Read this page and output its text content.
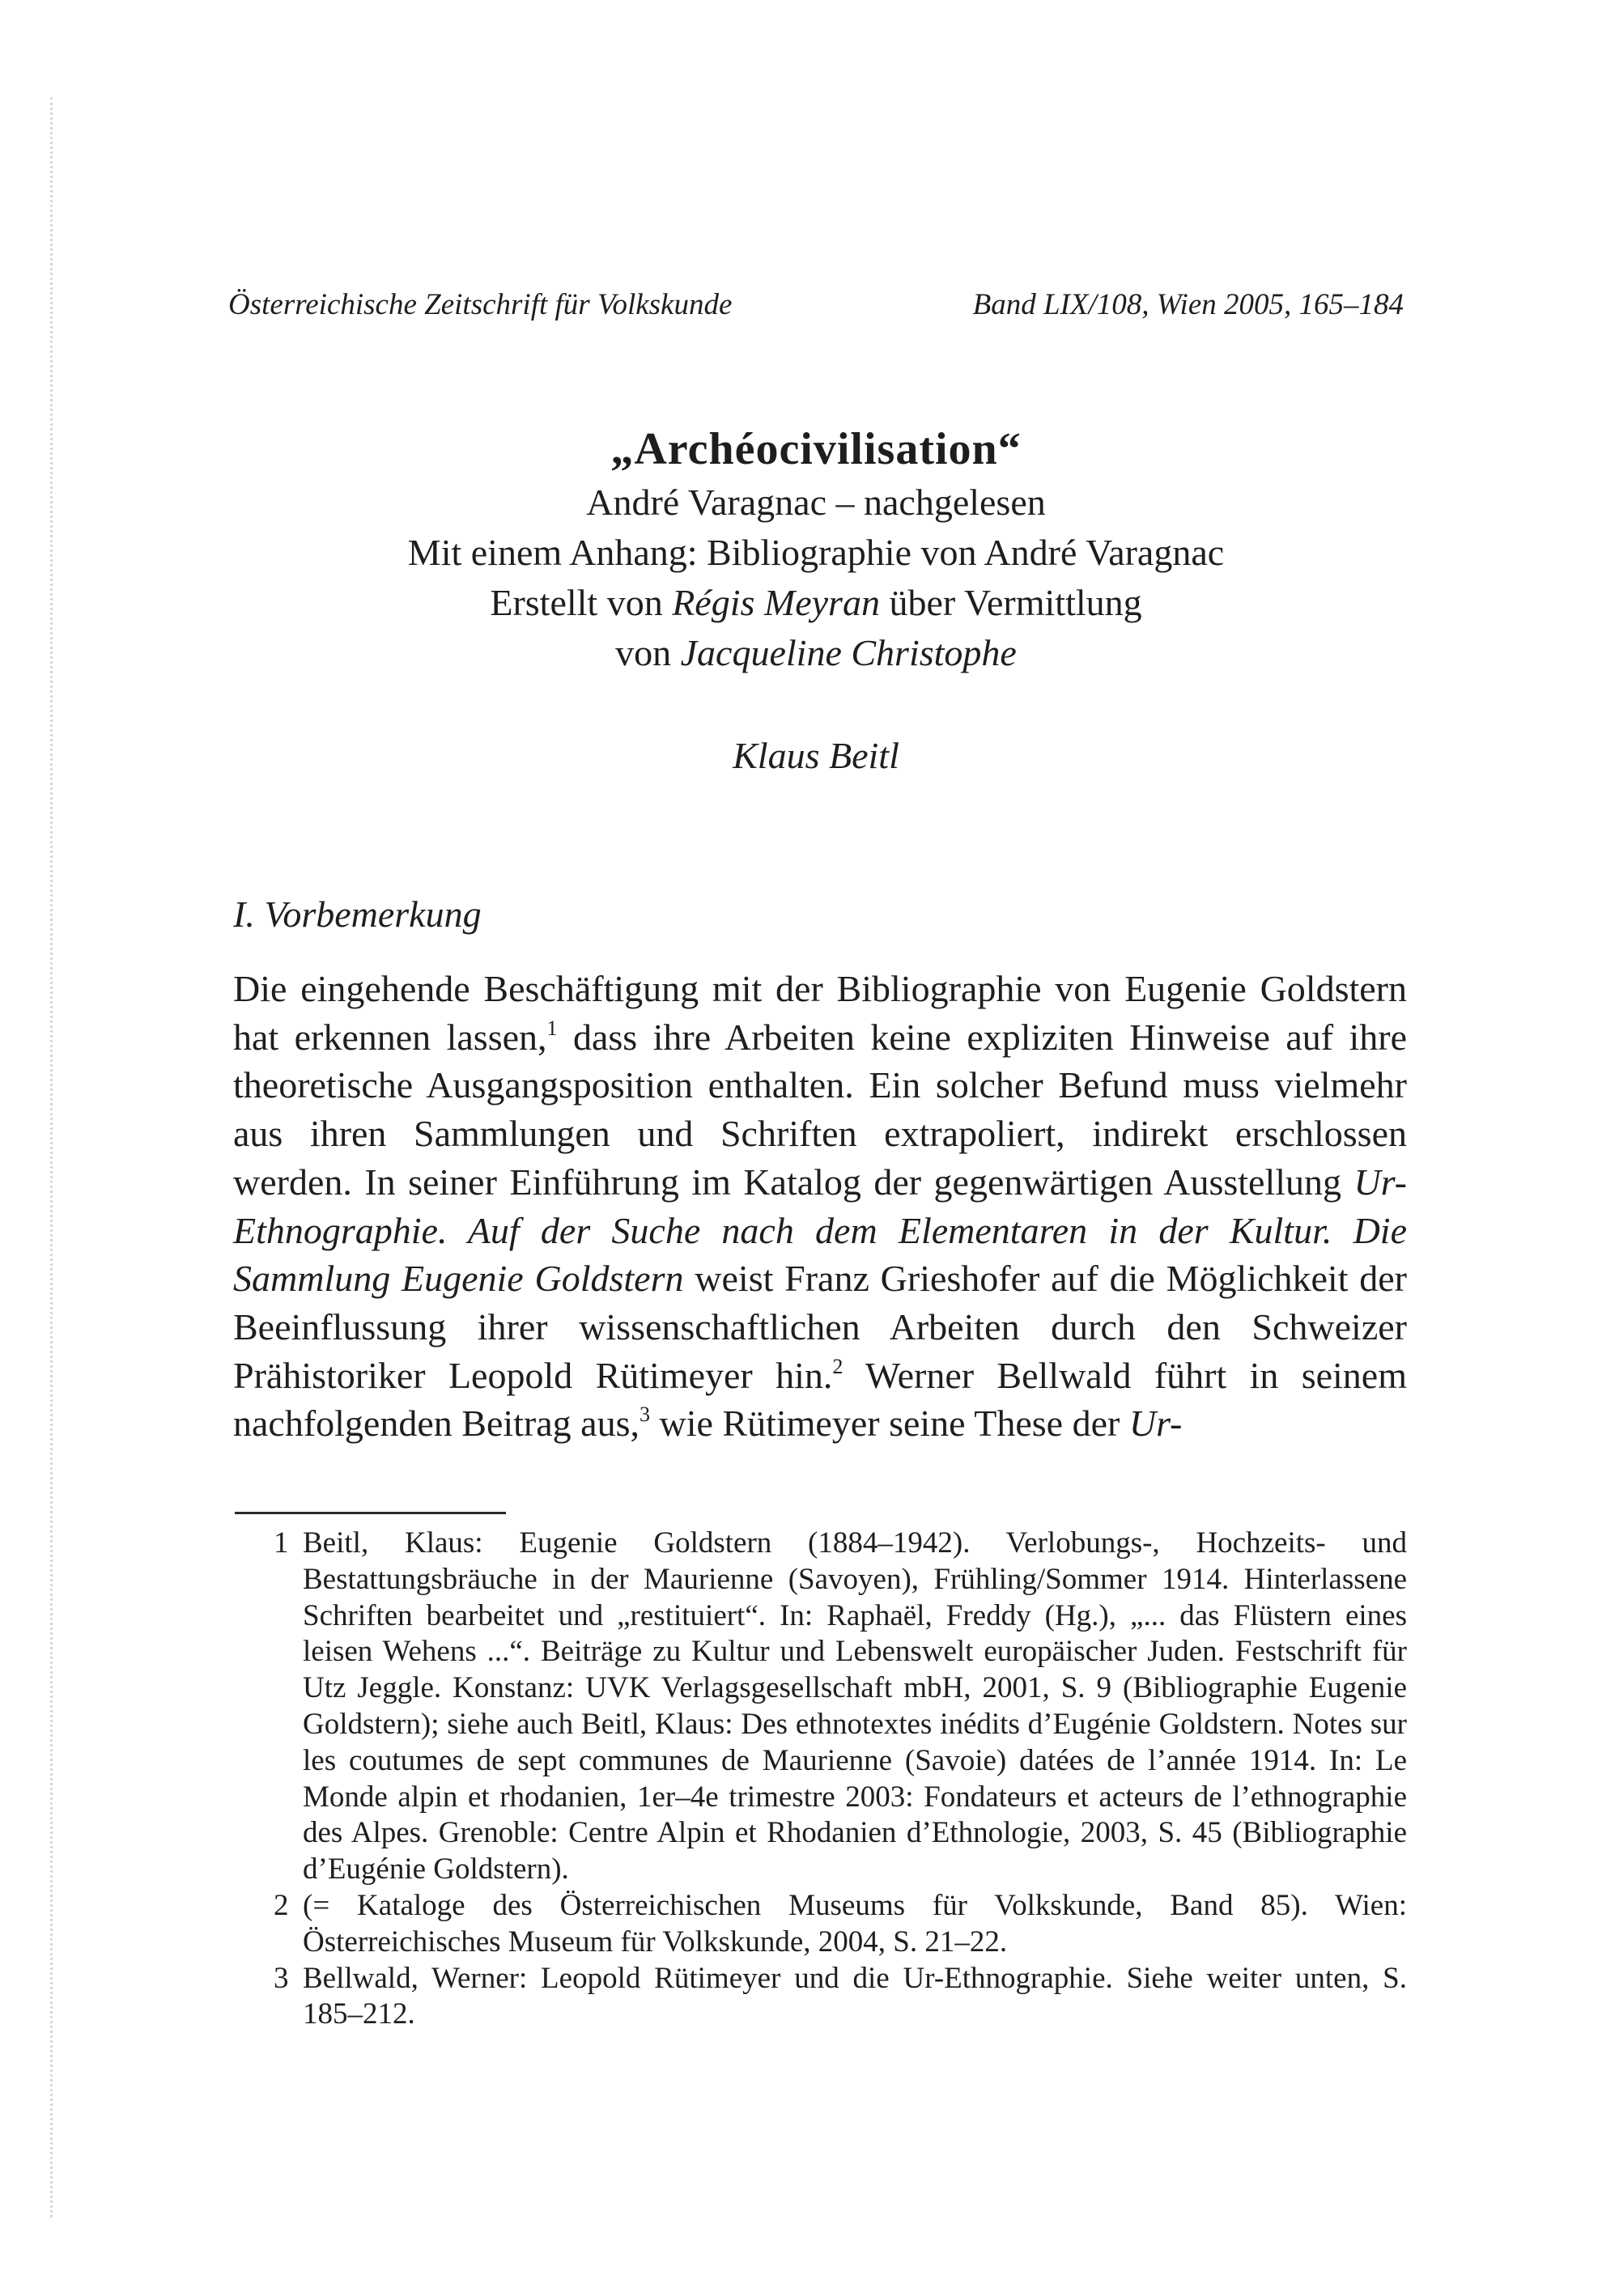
Österreichische Zeitschrift für Volkskunde	Band LIX/108, Wien 2005, 165–184
„Archéocivilisation“
André Varagnac – nachgelesen
Mit einem Anhang: Bibliographie von André Varagnac
Erstellt von Régis Meyran über Vermittlung
von Jacqueline Christophe
Klaus Beitl
I. Vorbemerkung
Die eingehende Beschäftigung mit der Bibliographie von Eugenie Goldstern hat erkennen lassen,$^1$ dass ihre Arbeiten keine expliziten Hinweise auf ihre theoretische Ausgangsposition enthalten. Ein solcher Befund muss vielmehr aus ihren Sammlungen und Schriften extrapoliert, indirekt erschlossen werden. In seiner Einführung im Katalog der gegenwärtigen Ausstellung Ur-Ethnographie. Auf der Suche nach dem Elementaren in der Kultur. Die Sammlung Eugenie Goldstern weist Franz Grieshofer auf die Möglichkeit der Beeinflussung ihrer wissenschaftlichen Arbeiten durch den Schweizer Prähistoriker Leopold Rütimeyer hin.$^2$ Werner Bellwald führt in seinem nachfolgenden Beitrag aus,$^3$ wie Rütimeyer seine These der Ur-
1 Beitl, Klaus: Eugenie Goldstern (1884–1942). Verlobungs-, Hochzeits- und Bestattungsbräuche in der Maurienne (Savoyen), Frühling/Sommer 1914. Hinterlassene Schriften bearbeitet und „restituiert“. In: Raphaël, Freddy (Hg.), „... das Flüstern eines leisen Wehens ...“. Beiträge zu Kultur und Lebenswelt europäischer Juden. Festschrift für Utz Jeggle. Konstanz: UVK Verlagsgesellschaft mbH, 2001, S. 9 (Bibliographie Eugenie Goldstern); siehe auch Beitl, Klaus: Des ethnotextes inédits d’Eugénie Goldstern. Notes sur les coutumes de sept communes de Maurienne (Savoie) datées de l’année 1914. In: Le Monde alpin et rhodanien, 1er–4e trimestre 2003: Fondateurs et acteurs de l’ethnographie des Alpes. Grenoble: Centre Alpin et Rhodanien d’Ethnologie, 2003, S. 45 (Bibliographie d’Eugénie Goldstern).
2 (= Kataloge des Österreichischen Museums für Volkskunde, Band 85). Wien: Österreichisches Museum für Volkskunde, 2004, S. 21–22.
3 Bellwald, Werner: Leopold Rütimeyer und die Ur-Ethnographie. Siehe weiter unten, S. 185–212.
